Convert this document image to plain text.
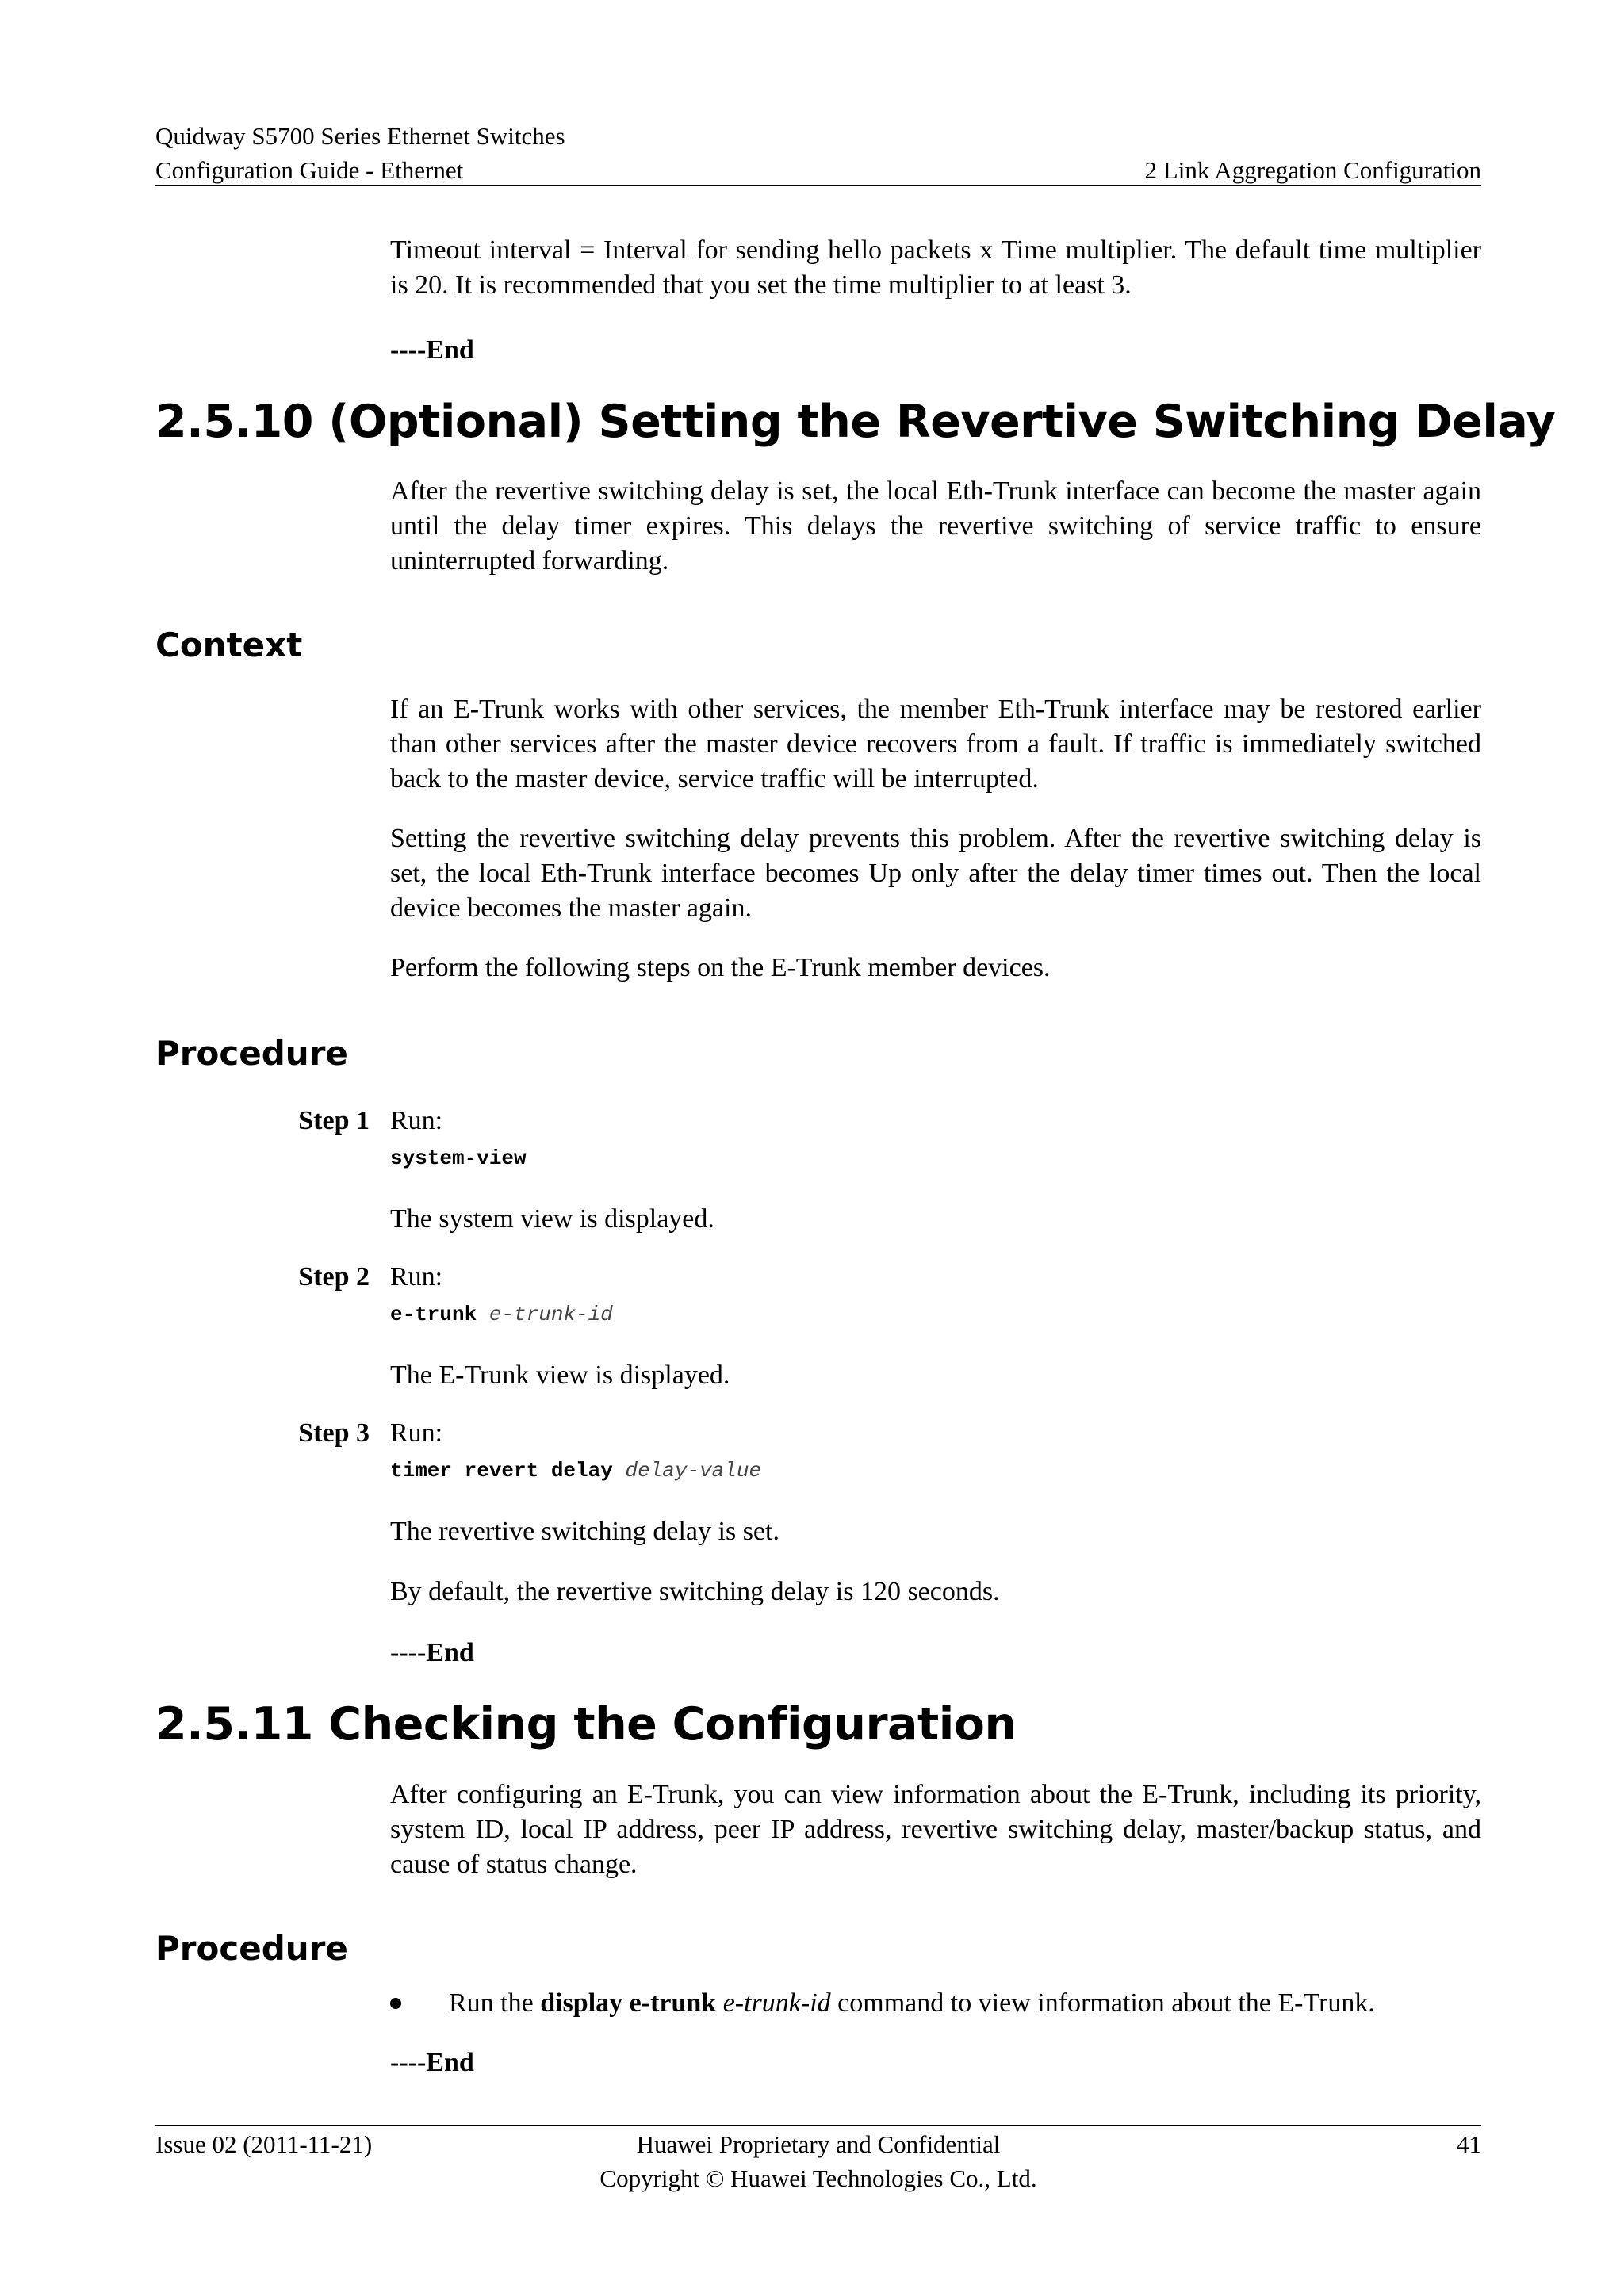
Quidway S5700 Series Ethernet Switches
Configuration Guide - Ethernet	2 Link Aggregation Configuration
Timeout interval = Interval for sending hello packets x Time multiplier. The default time multiplier is 20. It is recommended that you set the time multiplier to at least 3.
----End
2.5.10 (Optional) Setting the Revertive Switching Delay
After the revertive switching delay is set, the local Eth-Trunk interface can become the master again until the delay timer expires. This delays the revertive switching of service traffic to ensure uninterrupted forwarding.
Context
If an E-Trunk works with other services, the member Eth-Trunk interface may be restored earlier than other services after the master device recovers from a fault. If traffic is immediately switched back to the master device, service traffic will be interrupted.
Setting the revertive switching delay prevents this problem. After the revertive switching delay is set, the local Eth-Trunk interface becomes Up only after the delay timer times out. Then the local device becomes the master again.
Perform the following steps on the E-Trunk member devices.
Procedure
Step 1 Run:
system-view
The system view is displayed.
Step 2 Run:
e-trunk e-trunk-id
The E-Trunk view is displayed.
Step 3 Run:
timer revert delay delay-value
The revertive switching delay is set.
By default, the revertive switching delay is 120 seconds.
----End
2.5.11 Checking the Configuration
After configuring an E-Trunk, you can view information about the E-Trunk, including its priority, system ID, local IP address, peer IP address, revertive switching delay, master/backup status, and cause of status change.
Procedure
Run the display e-trunk e-trunk-id command to view information about the E-Trunk.
----End
Issue 02 (2011-11-21)	Huawei Proprietary and Confidential
Copyright © Huawei Technologies Co., Ltd.
41
